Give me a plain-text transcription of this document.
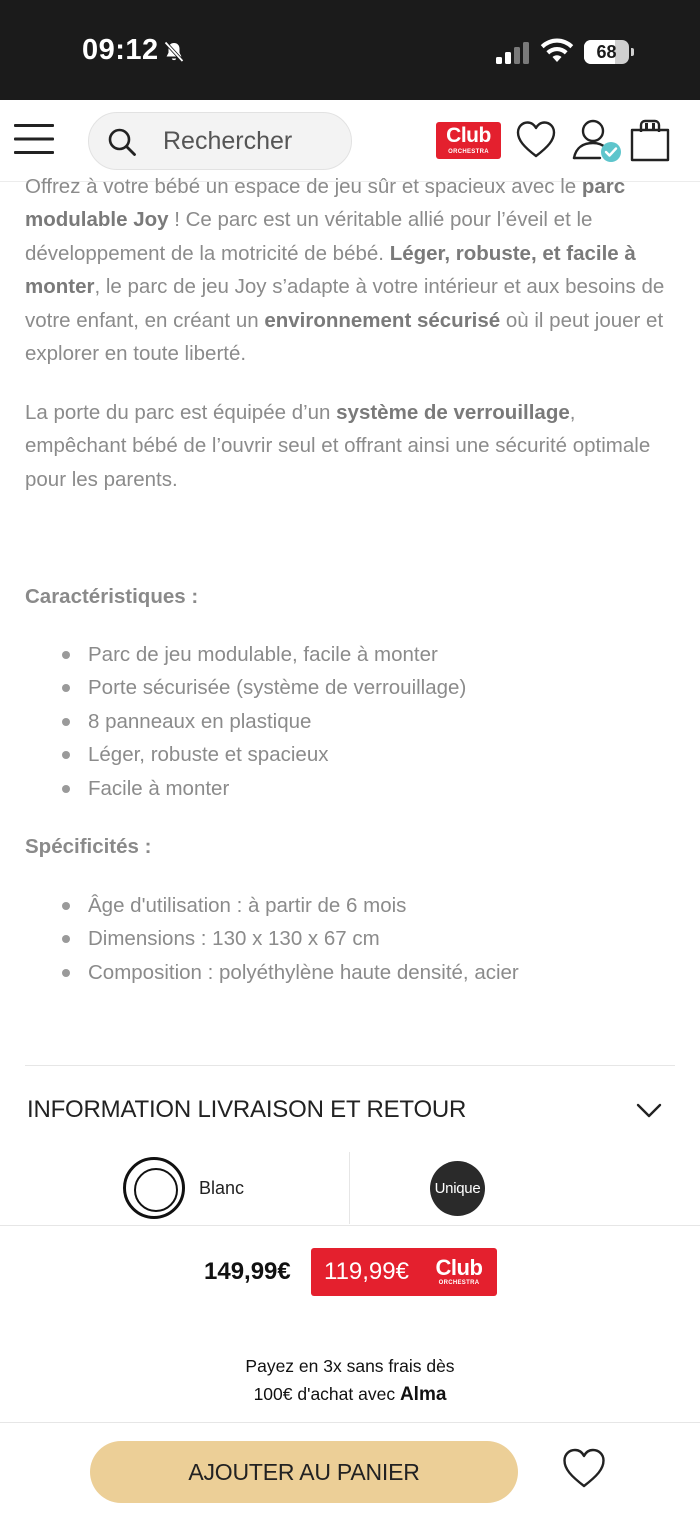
09:12	68
Rechercher
Club
ORCHESTRA

Offrez à votre bébé un espace de jeu sûr et spacieux avec le parc modulable Joy ! Ce parc est un véritable allié pour l’éveil et le développement de la motricité de bébé. Léger, robuste, et facile à monter, le parc de jeu Joy s’adapte à votre intérieur et aux besoins de votre enfant, en créant un environnement sécurisé où il peut jouer et explorer en toute liberté.

La porte du parc est équipée d’un système de verrouillage, empêchant bébé de l’ouvrir seul et offrant ainsi une sécurité optimale pour les parents.

Caractéristiques :
Parc de jeu modulable, facile à monter
Porte sécurisée (système de verrouillage)
8 panneaux en plastique
Léger, robuste et spacieux
Facile à monter
Spécificités :
Âge d'utilisation : à partir de 6 mois
Dimensions : 130 x 130 x 67 cm
Composition : polyéthylène haute densité, acier
INFORMATION LIVRAISON ET RETOUR
Blanc	Unique
149,99€ 119,99€ Club
ORCHESTRA
Payez en 3x sans frais dès
100€ d'achat avec Alma
AJOUTER AU PANIER
